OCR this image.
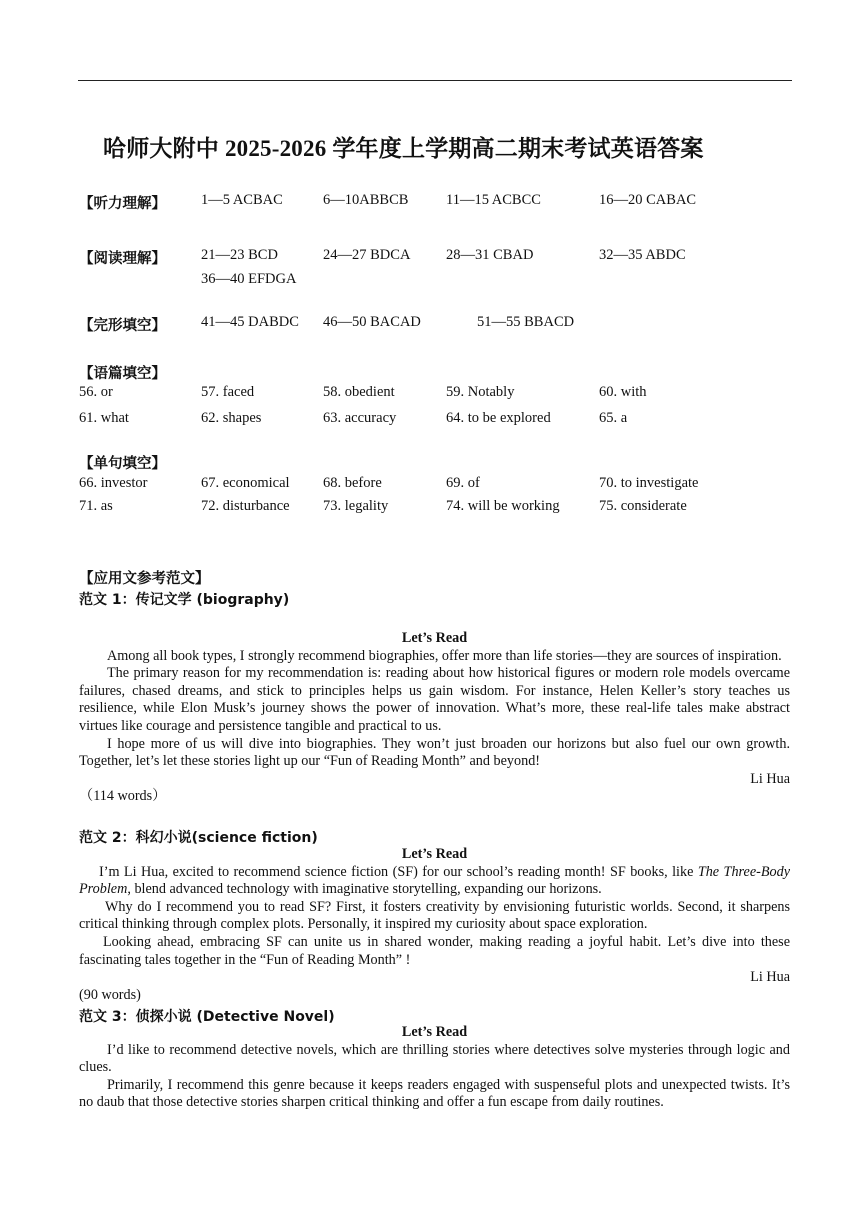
哈师大附中 2025-2026 学年度上学期高二期末考试英语答案
【听力理解】 1—5 ACBAC	6—10ABBCB	11—15 ACBCC	16—20 CABAC
【阅读理解】 21—23 BCD	24—27 BDCA 28—31 CBAD	32—35 ABDC
36—40 EFDGA
【完形填空】 41—45 DABDC 46—50 BACAD	51—55 BBACD
【语篇填空】
56. or	57. faced	58. obedient	59. Notably	60. with
61. what	62. shapes	63. accuracy	64. to be explored	65. a
【单句填空】
66. investor	67. economical 68. before	69. of	70. to investigate
71. as	72. disturbance 73. legality	74. will be working	75. considerate
【应用文参考范文】
范文 1：传记文学 (biography)

Let’s Read

Among all book types, I strongly recommend biographies, offer more than life stories—they are sources of inspiration.

The primary reason for my recommendation is: reading about how historical figures or modern role models overcame failures, chased dreams, and stick to principles helps us gain wisdom. For instance, Helen Keller’s story teaches us resilience, while Elon Musk’s journey shows the power of innovation. What’s more, these real-life tales make abstract virtues like courage and persistence tangible and practical to us.

I hope more of us will dive into biographies. They won’t just broaden our horizons but also fuel our own growth. Together, let’s let these stories light up our “Fun of Reading Month” and beyond!

Li Hua

（114 words）

范文 2：科幻小说(science fiction)

Let’s Read

I’m Li Hua, excited to recommend science fiction (SF) for our school’s reading month! SF books, like The Three-Body Problem, blend advanced technology with imaginative storytelling, expanding our horizons.

Why do I recommend you to read SF? First, it fosters creativity by envisioning futuristic worlds. Second, it sharpens critical thinking through complex plots. Personally, it inspired my curiosity about space exploration.

Looking ahead, embracing SF can unite us in shared wonder, making reading a joyful habit. Let’s dive into these fascinating tales together in the “Fun of Reading Month” !

Li Hua

(90 words)

范文 3：侦探小说 (Detective Novel)

Let’s Read

I’d like to recommend detective novels, which are thrilling stories where detectives solve mysteries through logic and clues.

Primarily, I recommend this genre because it keeps readers engaged with suspenseful plots and unexpected twists. It’s no daub that those detective stories sharpen critical thinking and offer a fun escape from daily routines.
